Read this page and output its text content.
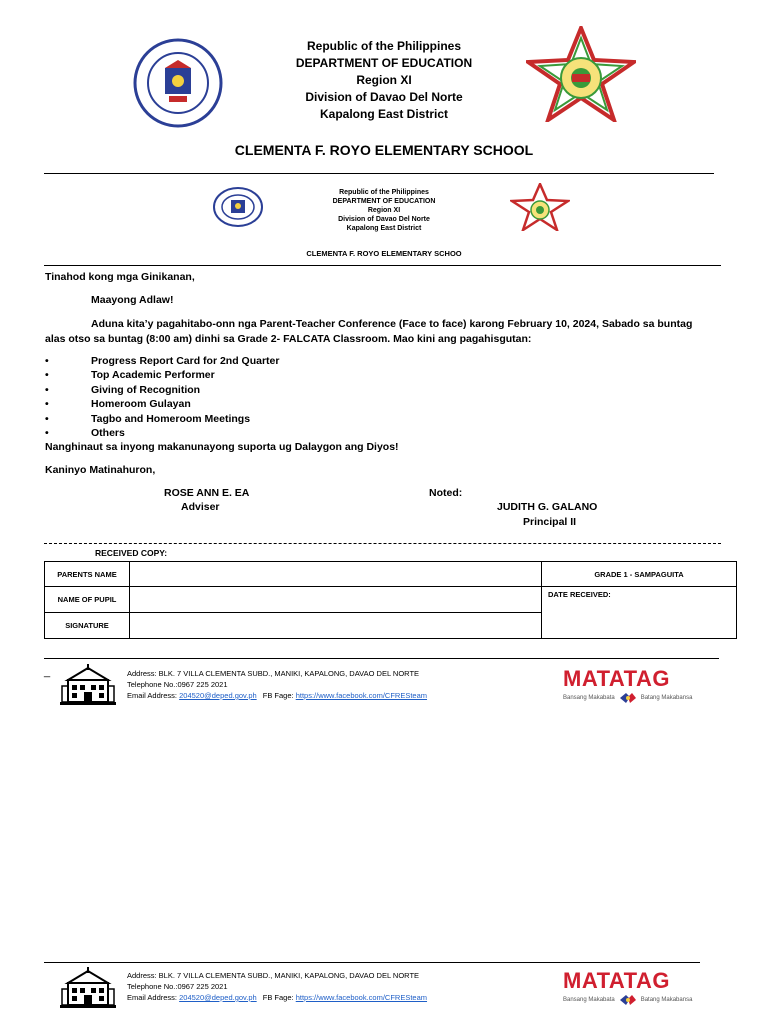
Republic of the Philippines
DEPARTMENT OF EDUCATION
Region XI
Division of Davao Del Norte
Kapalong East District
CLEMENTA F. ROYO ELEMENTARY SCHOOL
Republic of the Philippines
DEPARTMENT OF EDUCATION
Region XI
Division of Davao Del Norte
Kapalong East District
CLEMENTA F. ROYO ELEMENTARY SCHOO
Tinahod kong mga Ginikanan,
Maayong Adlaw!
Aduna kita’y pagahitabo-onn nga Parent-Teacher Conference (Face to face) karong February 10, 2024, Sabado sa buntag
alas otso sa buntag (8:00 am) dinhi sa Grade 2- FALCATA Classroom. Mao kini ang pagahisgutan:
•	Progress Report Card for 2nd Quarter
•	Top Academic Performer
•	Giving of Recognition
•	Homeroom Gulayan
•	Tagbo and Homeroom Meetings
•	Others
Nanghinaut sa inyong makanunayong suporta ug Dalaygon ang Diyos!
Kaninyo Matinahuron,
ROSE ANN E. EA
Adviser
Noted:
JUDITH G. GALANO
Principal II
RECEIVED COPY:
PARENTS NAME		GRADE 1 - SAMPAGUITA
NAME OF PUPIL		DATE RECEIVED:
SIGNATURE		
_	Address: BLK. 7 VILLA CLEMENTA SUBD., MANIKI, KAPALONG, DAVAO DEL NORTE
Telephone No.:0967 225 2021
Email Address: 204520@deped.gov.ph FB Fage: https://www.facebook.com/CFRESteam
MATATAG
Bansang Makabata	Batang Makabansa
Address: BLK. 7 VILLA CLEMENTA SUBD., MANIKI, KAPALONG, DAVAO DEL NORTE
Telephone No.:0967 225 2021
Email Address: 204520@deped.gov.ph FB Fage: https://www.facebook.com/CFRESteam
MATATAG
Bansang Makabata	Batang Makabansa
